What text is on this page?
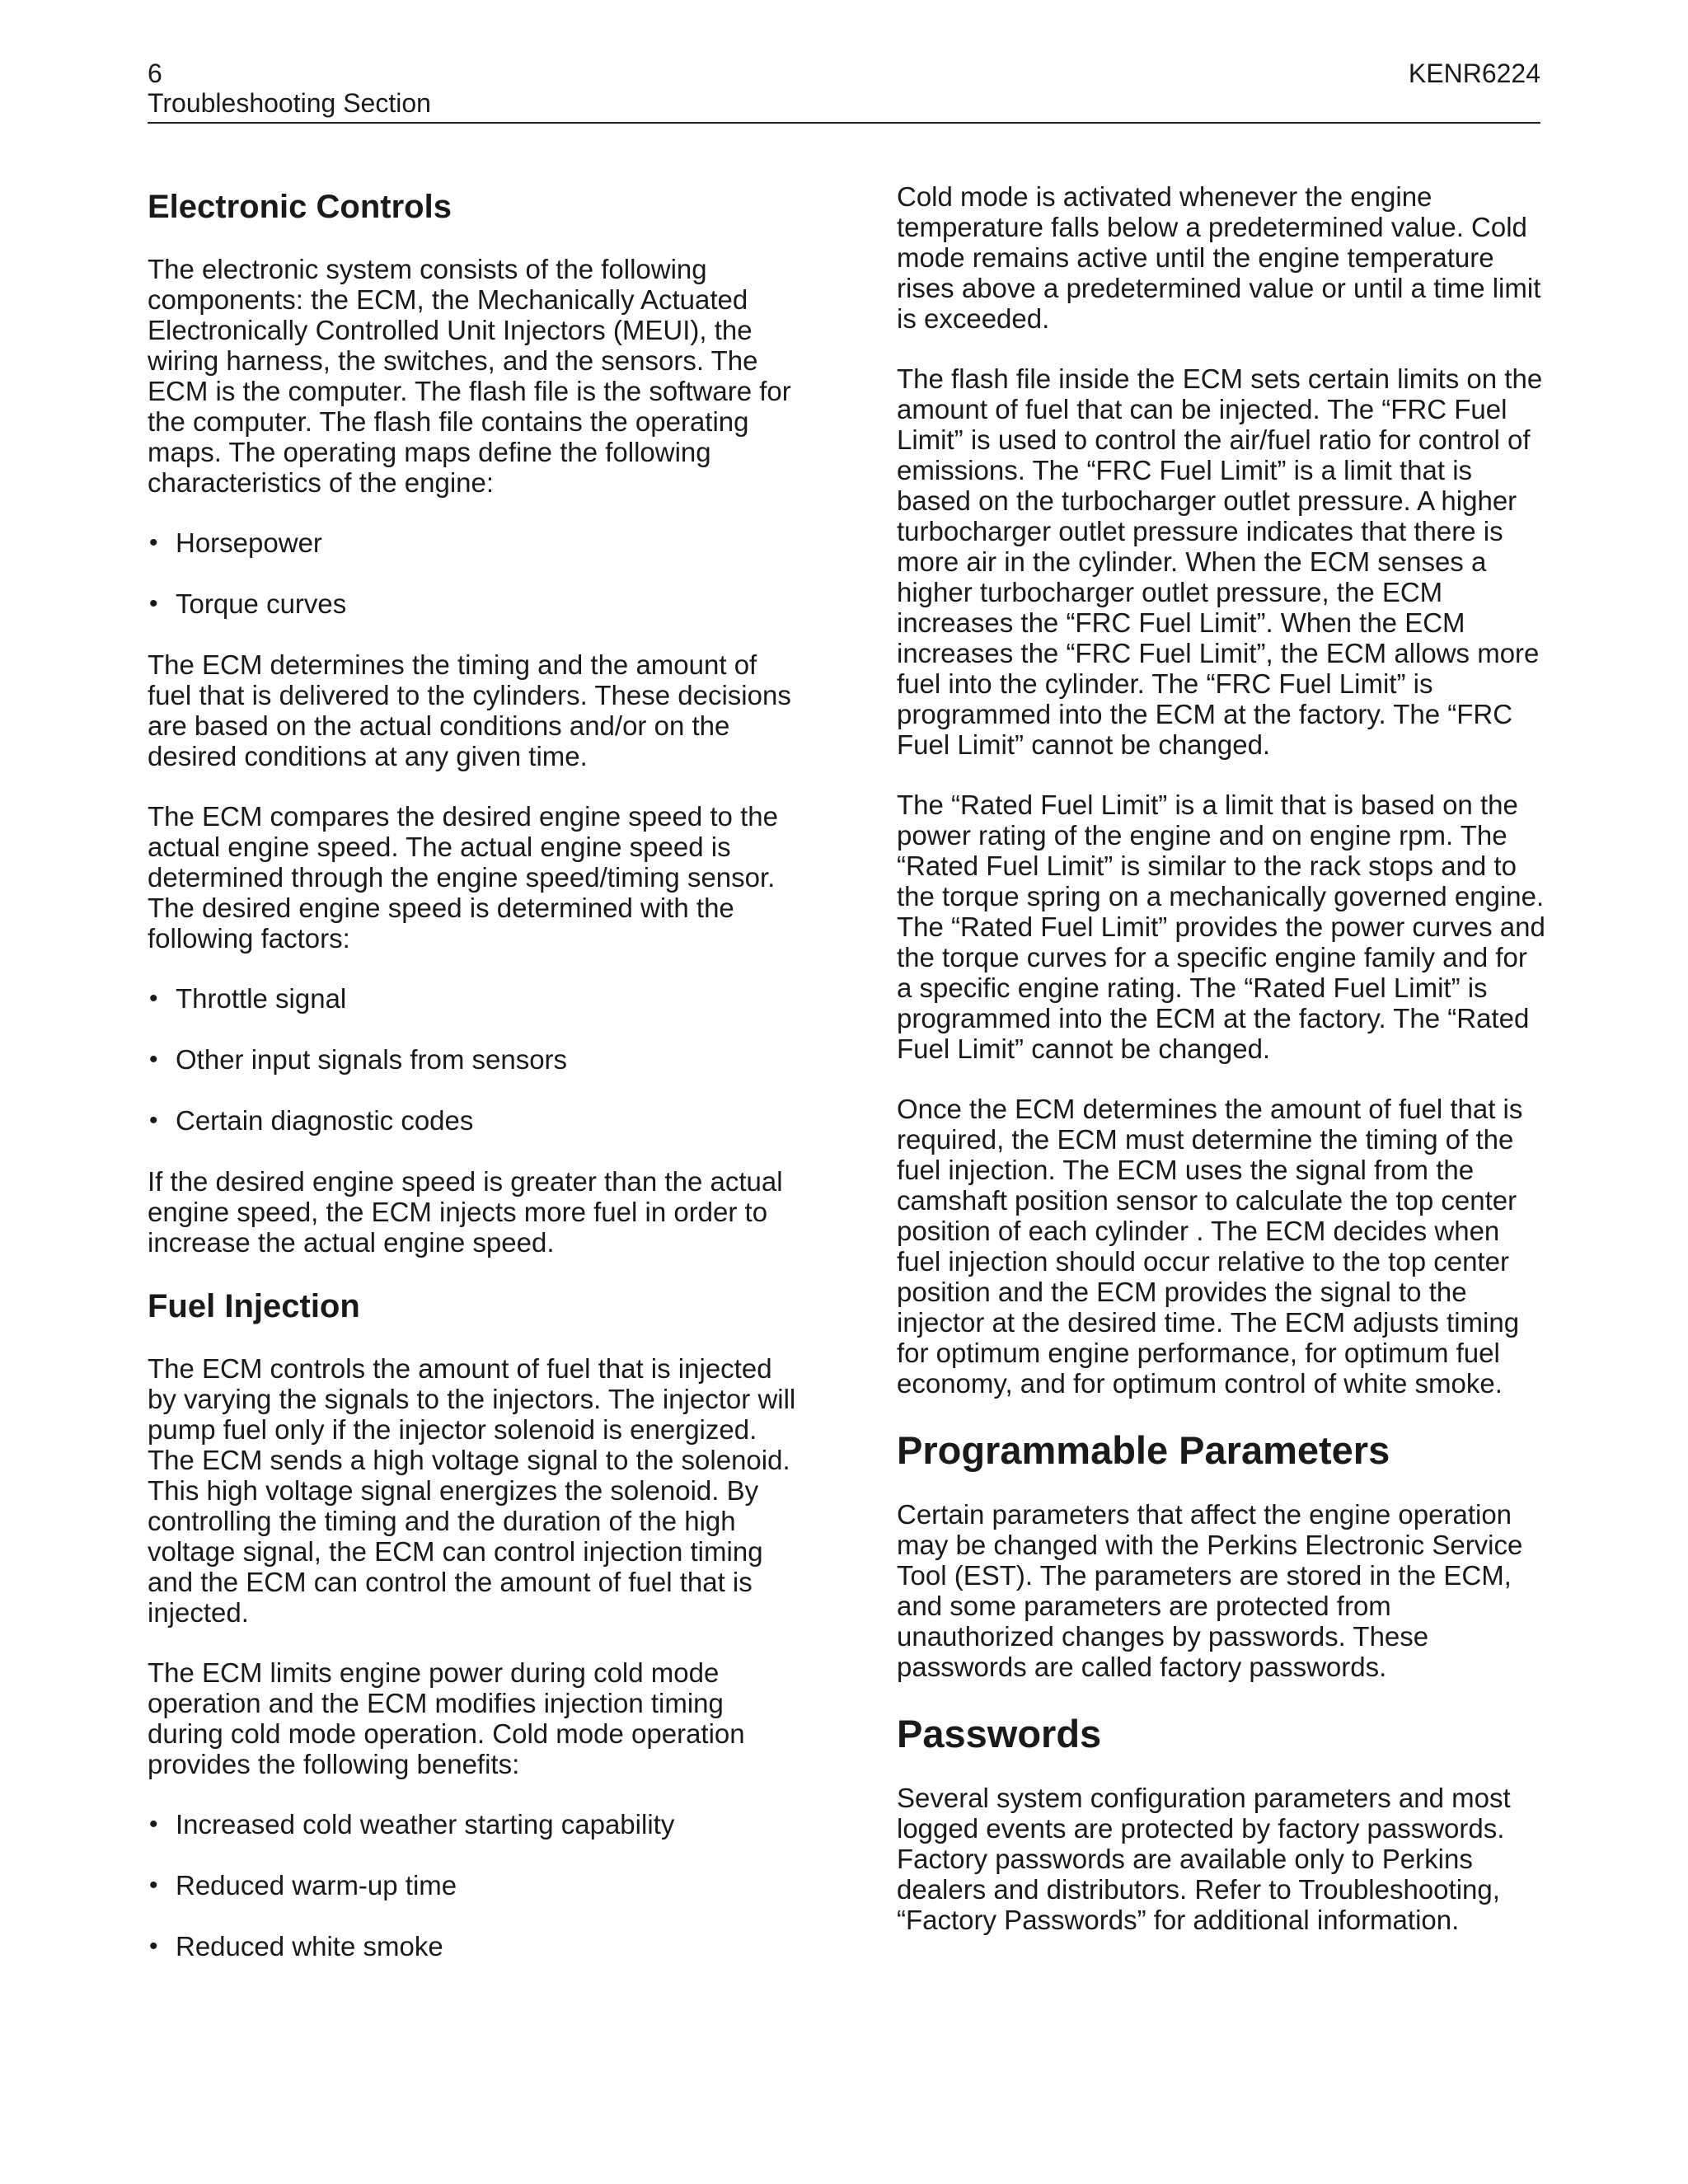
6	KENR6224
Troubleshooting Section
Electronic Controls

The electronic system consists of the following components: the ECM, the Mechanically Actuated Electronically Controlled Unit Injectors (MEUI), the wiring harness, the switches, and the sensors. The ECM is the computer. The flash file is the software for the computer. The flash file contains the operating maps. The operating maps define the following characteristics of the engine:

• Horsepower
• Torque curves

The ECM determines the timing and the amount of fuel that is delivered to the cylinders. These decisions are based on the actual conditions and/or on the desired conditions at any given time.

The ECM compares the desired engine speed to the actual engine speed. The actual engine speed is determined through the engine speed/timing sensor. The desired engine speed is determined with the following factors:

• Throttle signal
• Other input signals from sensors
• Certain diagnostic codes

If the desired engine speed is greater than the actual engine speed, the ECM injects more fuel in order to increase the actual engine speed.

Fuel Injection

The ECM controls the amount of fuel that is injected by varying the signals to the injectors. The injector will pump fuel only if the injector solenoid is energized. The ECM sends a high voltage signal to the solenoid. This high voltage signal energizes the solenoid. By controlling the timing and the duration of the high voltage signal, the ECM can control injection timing and the ECM can control the amount of fuel that is injected.

The ECM limits engine power during cold mode operation and the ECM modifies injection timing during cold mode operation. Cold mode operation provides the following benefits:

• Increased cold weather starting capability
• Reduced warm-up time
• Reduced white smoke

Cold mode is activated whenever the engine temperature falls below a predetermined value. Cold mode remains active until the engine temperature rises above a predetermined value or until a time limit is exceeded.

The flash file inside the ECM sets certain limits on the amount of fuel that can be injected. The “FRC Fuel Limit” is used to control the air/fuel ratio for control of emissions. The “FRC Fuel Limit” is a limit that is based on the turbocharger outlet pressure. A higher turbocharger outlet pressure indicates that there is more air in the cylinder. When the ECM senses a higher turbocharger outlet pressure, the ECM increases the “FRC Fuel Limit”. When the ECM increases the “FRC Fuel Limit”, the ECM allows more fuel into the cylinder. The “FRC Fuel Limit” is programmed into the ECM at the factory. The “FRC Fuel Limit” cannot be changed.

The “Rated Fuel Limit” is a limit that is based on the power rating of the engine and on engine rpm. The “Rated Fuel Limit” is similar to the rack stops and to the torque spring on a mechanically governed engine. The “Rated Fuel Limit” provides the power curves and the torque curves for a specific engine family and for a specific engine rating. The “Rated Fuel Limit” is programmed into the ECM at the factory. The “Rated Fuel Limit” cannot be changed.

Once the ECM determines the amount of fuel that is required, the ECM must determine the timing of the fuel injection. The ECM uses the signal from the camshaft position sensor to calculate the top center position of each cylinder . The ECM decides when fuel injection should occur relative to the top center position and the ECM provides the signal to the injector at the desired time. The ECM adjusts timing for optimum engine performance, for optimum fuel economy, and for optimum control of white smoke.

Programmable Parameters

Certain parameters that affect the engine operation may be changed with the Perkins Electronic Service Tool (EST). The parameters are stored in the ECM, and some parameters are protected from unauthorized changes by passwords. These passwords are called factory passwords.

Passwords

Several system configuration parameters and most logged events are protected by factory passwords. Factory passwords are available only to Perkins dealers and distributors. Refer to Troubleshooting, “Factory Passwords” for additional information.
